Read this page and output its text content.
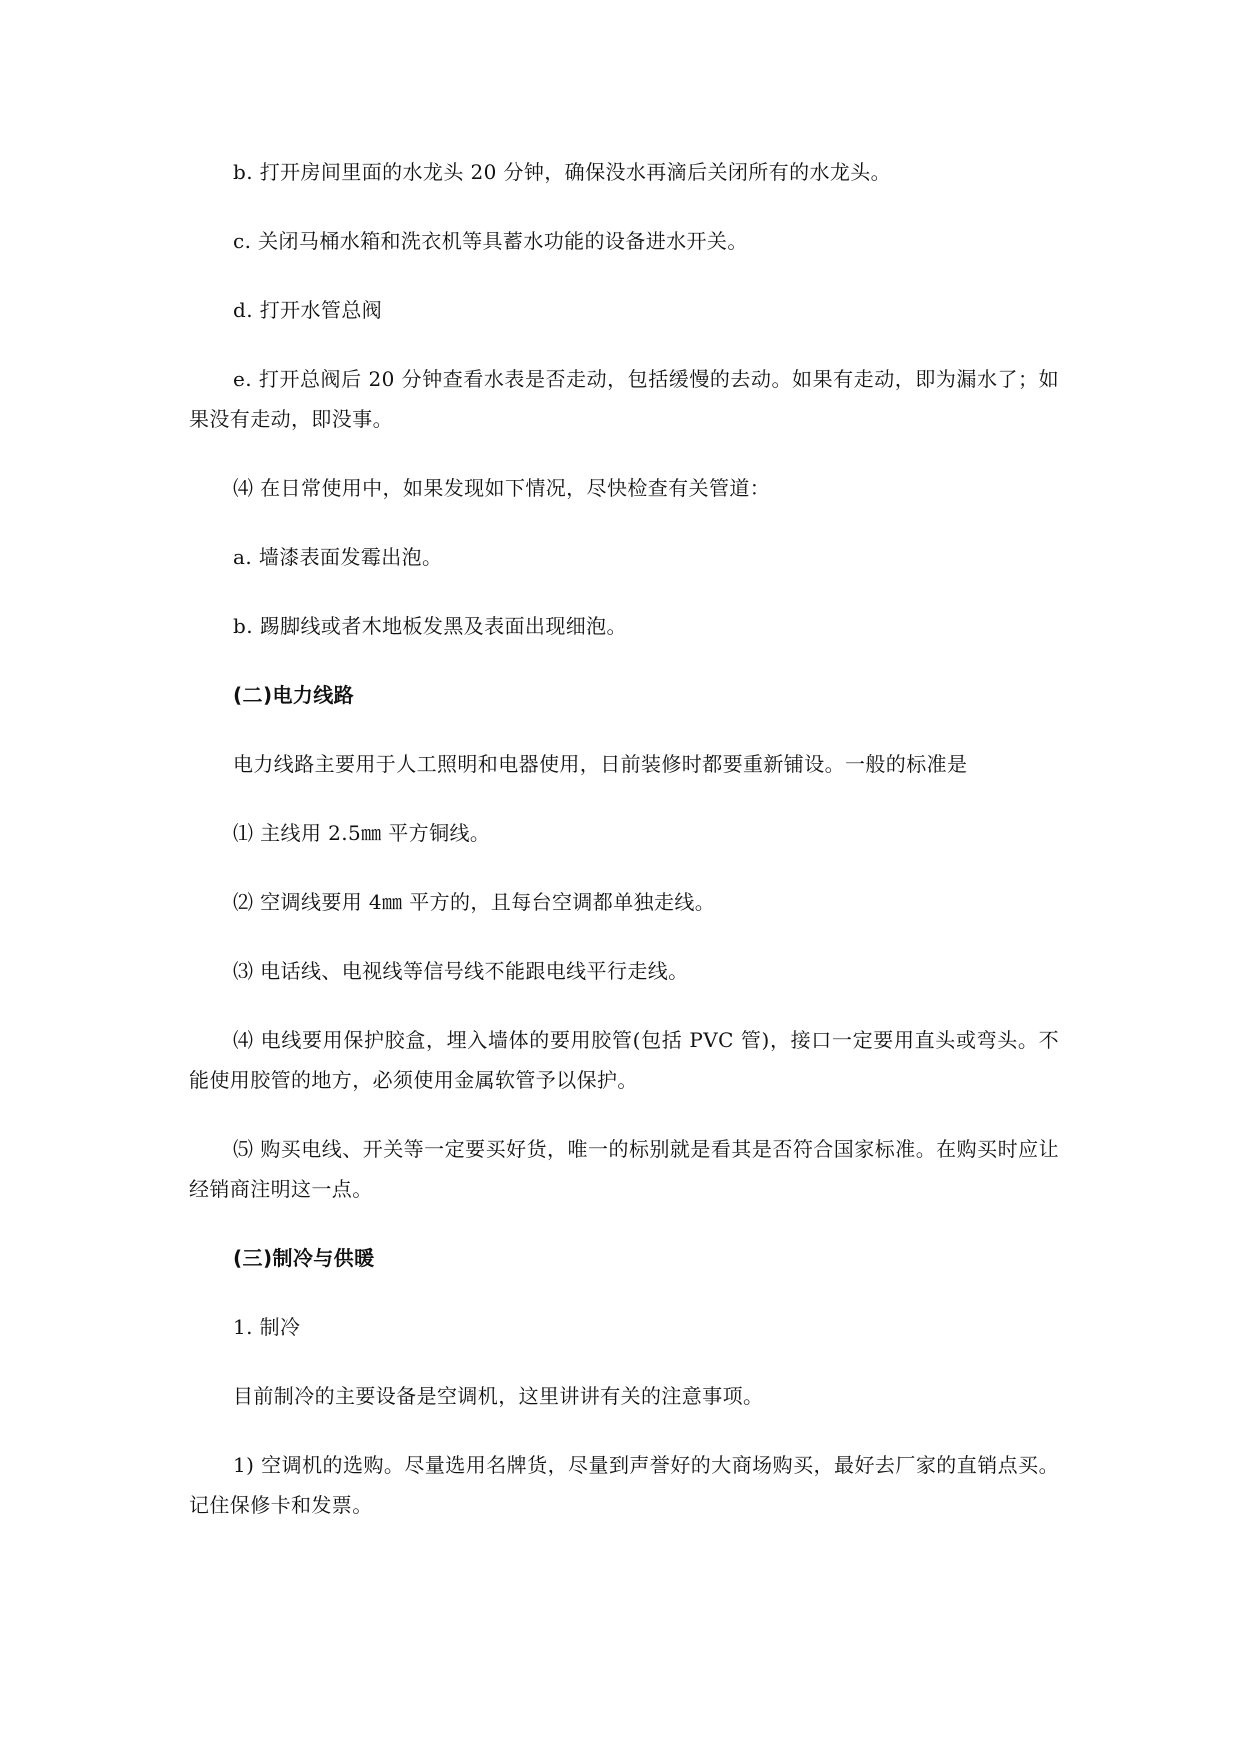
b. 打开房间里面的水龙头 20 分钟，确保没水再滴后关闭所有的水龙头。

c. 关闭马桶水箱和洗衣机等具蓄水功能的设备进水开关。

d. 打开水管总阀

e. 打开总阀后 20 分钟查看水表是否走动，包括缓慢的去动。如果有走动，即为漏水了；如果没有走动，即没事。

⑷ 在日常使用中，如果发现如下情况，尽快检查有关管道：

a. 墙漆表面发霉出泡。

b. 踢脚线或者木地板发黑及表面出现细泡。

(二)电力线路

电力线路主要用于人工照明和电器使用，日前装修时都要重新铺设。一般的标准是

⑴ 主线用 2.5㎜ 平方铜线。

⑵ 空调线要用 4㎜ 平方的，且每台空调都单独走线。

⑶ 电话线、电视线等信号线不能跟电线平行走线。

⑷ 电线要用保护胶盒，埋入墙体的要用胶管(包括 PVC 管)，接口一定要用直头或弯头。不能使用胶管的地方，必须使用金属软管予以保护。

⑸ 购买电线、开关等一定要买好货，唯一的标别就是看其是否符合国家标准。在购买时应让经销商注明这一点。

(三)制冷与供暖

1. 制冷

目前制冷的主要设备是空调机，这里讲讲有关的注意事项。

1) 空调机的选购。尽量选用名牌货，尽量到声誉好的大商场购买，最好去厂家的直销点买。记住保修卡和发票。
